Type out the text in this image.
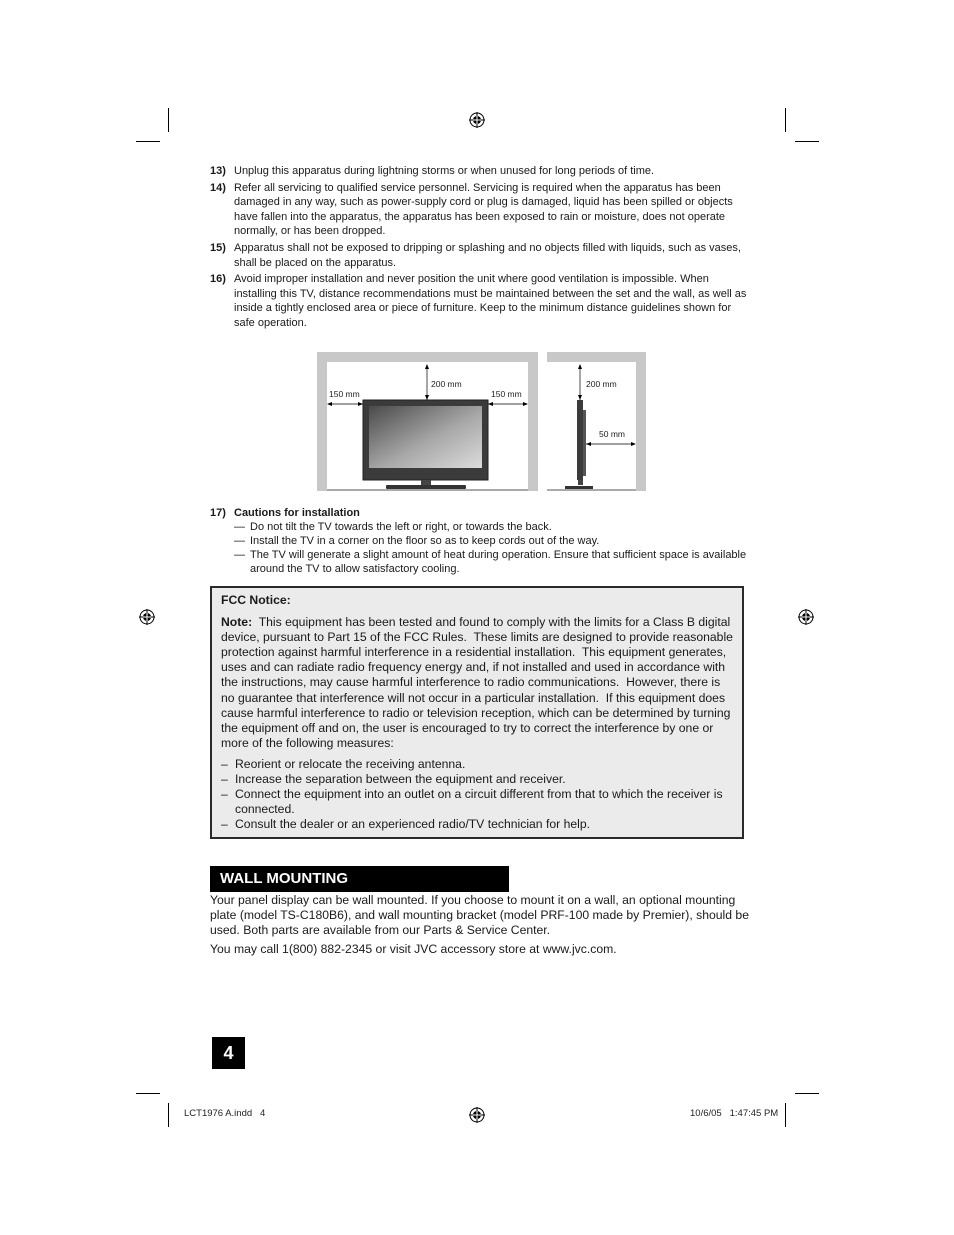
13) Unplug this apparatus during lightning storms or when unused for long periods of time.
14) Refer all servicing to qualified service personnel. Servicing is required when the apparatus has been damaged in any way, such as power-supply cord or plug is damaged, liquid has been spilled or objects have fallen into the apparatus, the apparatus has been exposed to rain or moisture, does not operate normally, or has been dropped.
15) Apparatus shall not be exposed to dripping or splashing and no objects filled with liquids, such as vases, shall be placed on the apparatus.
16) Avoid improper installation and never position the unit where good ventilation is impossible. When installing this TV, distance recommendations must be maintained between the set and the wall, as well as inside a tightly enclosed area or piece of furniture. Keep to the minimum distance guidelines shown for safe operation.
200 mm
150 mm	150 mm
200 mm
50 mm
17) Cautions for installation
— Do not tilt the TV towards the left or right, or towards the back.
— Install the TV in a corner on the floor so as to keep cords out of the way.
— The TV will generate a slight amount of heat during operation. Ensure that sufficient space is available around the TV to allow satisfactory cooling.
FCC Notice:
Note:  This equipment has been tested and found to comply with the limits for a Class B digital device, pursuant to Part 15 of the FCC Rules.  These limits are designed to provide reasonable protection against harmful interference in a residential installation.  This equipment generates, uses and can radiate radio frequency energy and, if not installed and used in accordance with the instructions, may cause harmful interference to radio communications.  However, there is no guarantee that interference will not occur in a particular installation.  If this equipment does cause harmful interference to radio or television reception, which can be determined by turning the equipment off and on, the user is encouraged to try to correct the interference by one or more of the following measures:
– Reorient or relocate the receiving antenna.
– Increase the separation between the equipment and receiver.
– Connect the equipment into an outlet on a circuit different from that to which the receiver is connected.
– Consult the dealer or an experienced radio/TV technician for help.
WALL MOUNTING

Your panel display can be wall mounted. If you choose to mount it on a wall, an optional mounting plate (model TS-C180B6), and wall mounting bracket (model PRF-100 made by Premier), should be used. Both parts are available from our Parts & Service Center.

You may call 1(800) 882-2345 or visit JVC accessory store at www.jvc.com.

4
LCT1976 A.indd   4	10/6/05   1:47:45 PM
